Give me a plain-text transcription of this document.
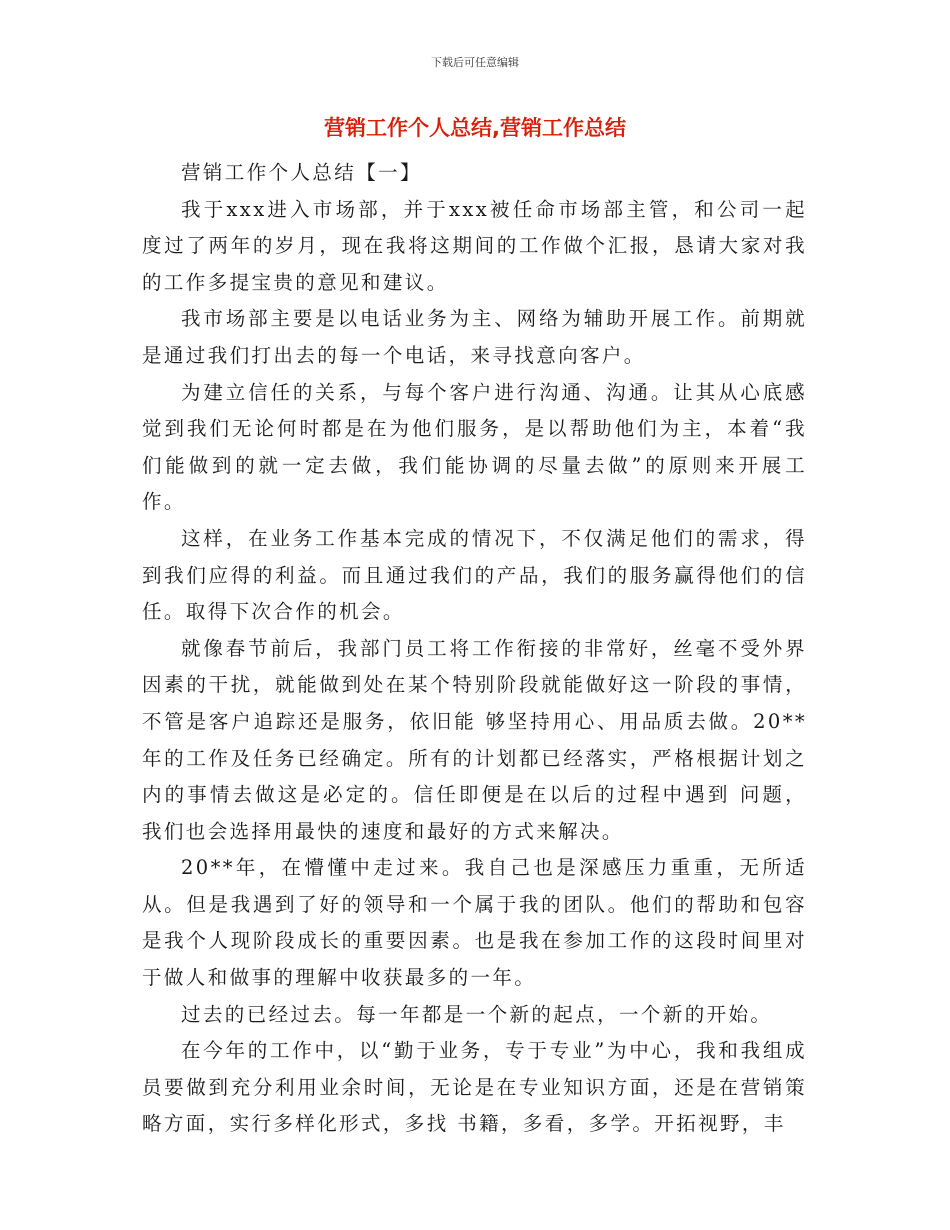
下载后可任意编辑
营销工作个人总结,营销工作总结

营销工作个人总结【一】

我于xxx进入市场部，并于xxx被任命市场部主管，和公司一起度过了两年的岁月，现在我将这期间的工作做个汇报，恳请大家对我的工作多提宝贵的意见和建议。

我市场部主要是以电话业务为主、网络为辅助开展工作。前期就是通过我们打出去的每一个电话，来寻找意向客户。

为建立信任的关系，与每个客户进行沟通、沟通。让其从心底感觉到我们无论何时都是在为他们服务，是以帮助他们为主，本着“我们能做到的就一定去做，我们能协调的尽量去做”的原则来开展工作。

这样，在业务工作基本完成的情况下，不仅满足他们的需求，得到我们应得的利益。而且通过我们的产品，我们的服务赢得他们的信任。取得下次合作的机会。

就像春节前后，我部门员工将工作衔接的非常好，丝毫不受外界因素的干扰，就能做到处在某个特别阶段就能做好这一阶段的事情，不管是客户追踪还是服务，依旧能 够坚持用心、用品质去做。20**年的工作及任务已经确定。所有的计划都已经落实，严格根据计划之内的事情去做这是必定的。信任即便是在以后的过程中遇到 问题，我们也会选择用最快的速度和最好的方式来解决。

20**年，在懵懂中走过来。我自己也是深感压力重重，无所适从。但是我遇到了好的领导和一个属于我的团队。他们的帮助和包容是我个人现阶段成长的重要因素。也是我在参加工作的这段时间里对于做人和做事的理解中收获最多的一年。

过去的已经过去。每一年都是一个新的起点，一个新的开始。

在今年的工作中，以“勤于业务，专于专业”为中心，我和我组成员要做到充分利用业余时间，无论是在专业知识方面，还是在营销策略方面，实行多样化形式，多找 书籍，多看，多学。开拓视野，丰
